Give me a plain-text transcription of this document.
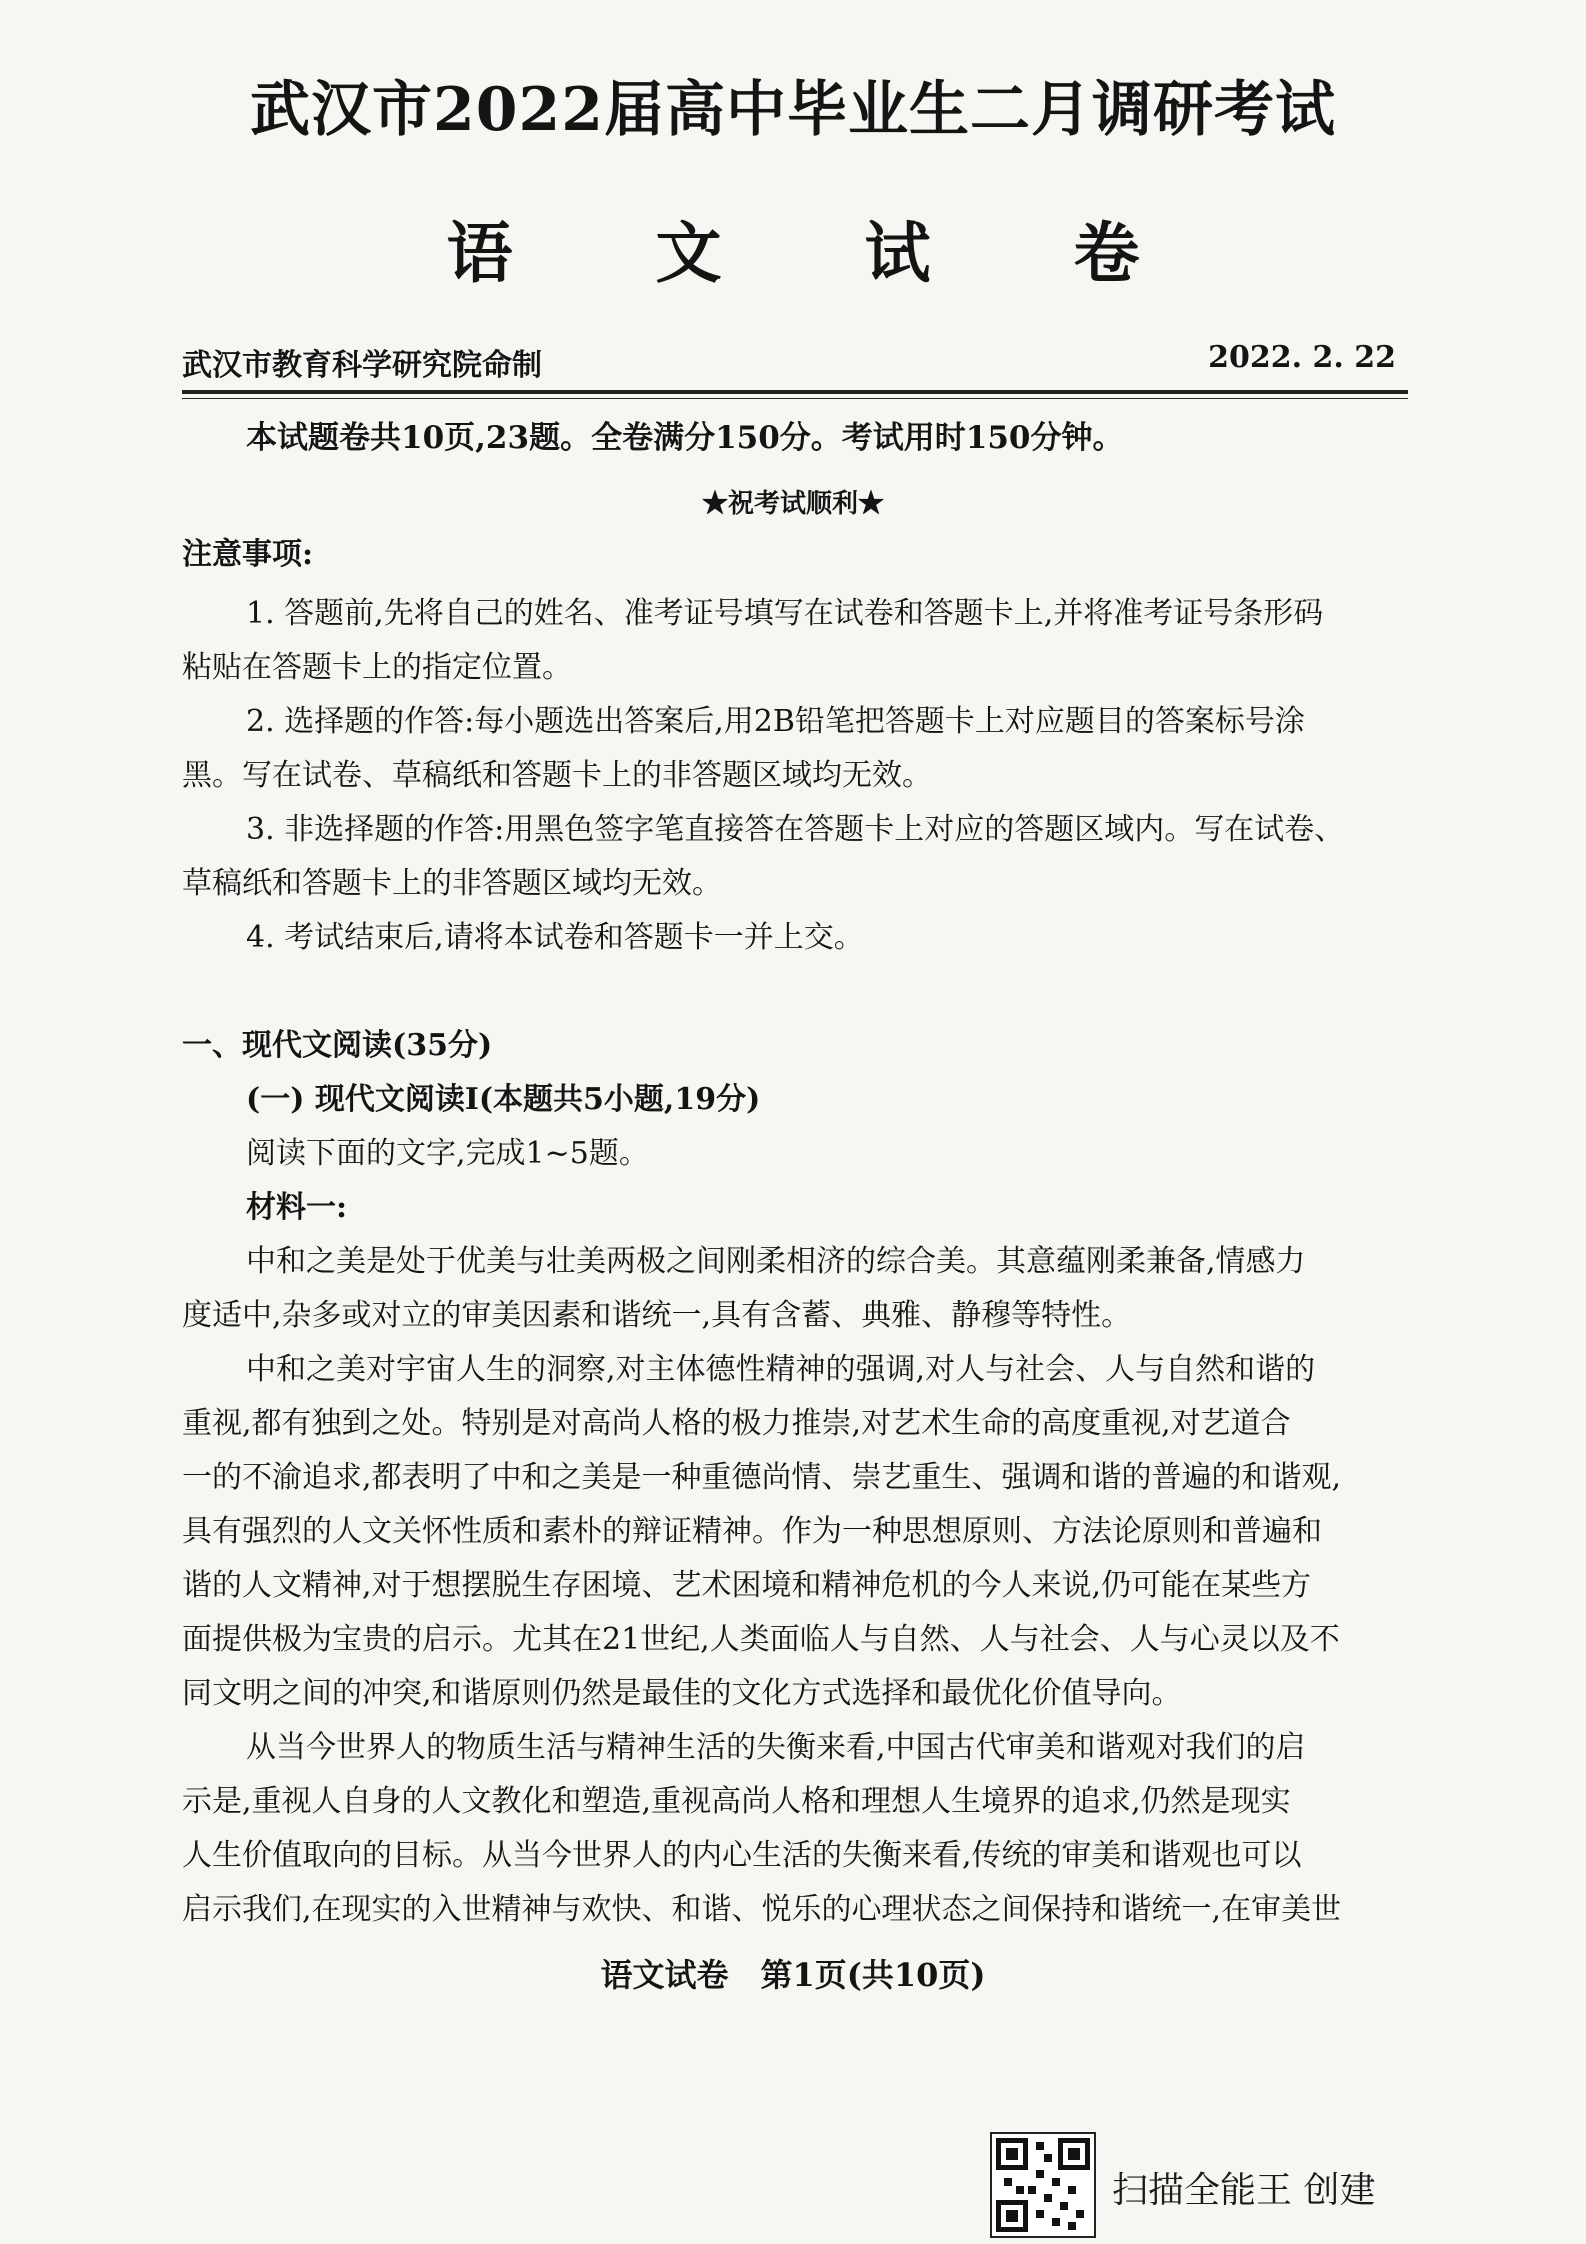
武汉市2022届高中毕业生二月调研考试
语 文 试 卷
武汉市教育科学研究院命制	2022. 2. 22
本试题卷共10页,23题。全卷满分150分。考试用时150分钟。
★祝考试顺利★
注意事项:
1. 答题前,先将自己的姓名、准考证号填写在试卷和答题卡上,并将准考证号条形码
粘贴在答题卡上的指定位置。
2. 选择题的作答:每小题选出答案后,用2B铅笔把答题卡上对应题目的答案标号涂
黑。写在试卷、草稿纸和答题卡上的非答题区域均无效。
3. 非选择题的作答:用黑色签字笔直接答在答题卡上对应的答题区域内。写在试卷、
草稿纸和答题卡上的非答题区域均无效。
4. 考试结束后,请将本试卷和答题卡一并上交。
一、现代文阅读(35分)
(一) 现代文阅读Ⅰ(本题共5小题,19分)
阅读下面的文字,完成1~5题。
材料一:
中和之美是处于优美与壮美两极之间刚柔相济的综合美。其意蕴刚柔兼备,情感力
度适中,杂多或对立的审美因素和谐统一,具有含蓄、典雅、静穆等特性。
中和之美对宇宙人生的洞察,对主体德性精神的强调,对人与社会、人与自然和谐的
重视,都有独到之处。特别是对高尚人格的极力推崇,对艺术生命的高度重视,对艺道合
一的不渝追求,都表明了中和之美是一种重德尚情、崇艺重生、强调和谐的普遍的和谐观,
具有强烈的人文关怀性质和素朴的辩证精神。作为一种思想原则、方法论原则和普遍和
谐的人文精神,对于想摆脱生存困境、艺术困境和精神危机的今人来说,仍可能在某些方
面提供极为宝贵的启示。尤其在21世纪,人类面临人与自然、人与社会、人与心灵以及不
同文明之间的冲突,和谐原则仍然是最佳的文化方式选择和最优化价值导向。
从当今世界人的物质生活与精神生活的失衡来看,中国古代审美和谐观对我们的启
示是,重视人自身的人文教化和塑造,重视高尚人格和理想人生境界的追求,仍然是现实
人生价值取向的目标。从当今世界人的内心生活的失衡来看,传统的审美和谐观也可以
启示我们,在现实的入世精神与欢快、和谐、悦乐的心理状态之间保持和谐统一,在审美世
语文试卷　第1页(共10页)
扫描全能王 创建
